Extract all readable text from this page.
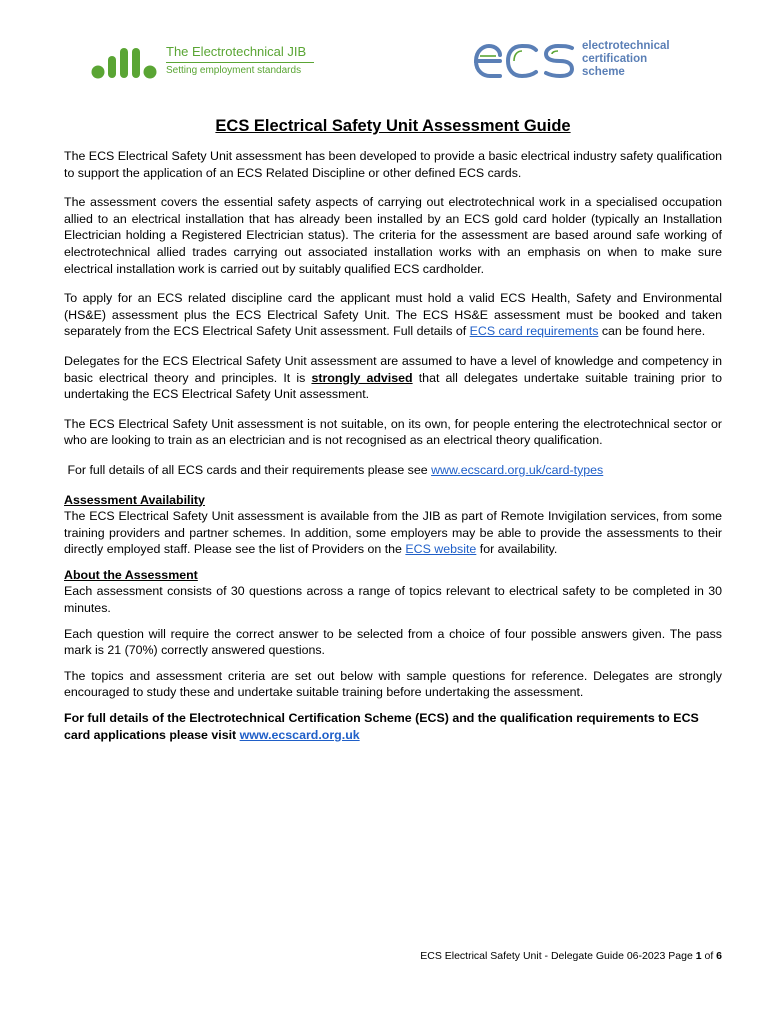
The Electrotechnical JIB
Setting employment standards
electrotechnical
certification
scheme
ECS Electrical Safety Unit Assessment Guide

The ECS Electrical Safety Unit assessment has been developed to provide a basic electrical industry safety qualification to support the application of an ECS Related Discipline or other defined ECS cards.

The assessment covers the essential safety aspects of carrying out electrotechnical work in a specialised occupation allied to an electrical installation that has already been installed by an ECS gold card holder (typically an Installation Electrician holding a Registered Electrician status). The criteria for the assessment are based around safe working of electrotechnical allied trades carrying out associated installation works with an emphasis on when to make sure electrical installation work is carried out by suitably qualified ECS cardholder.

To apply for an ECS related discipline card the applicant must hold a valid ECS Health, Safety and Environmental (HS&E) assessment plus the ECS Electrical Safety Unit. The ECS HS&E assessment must be booked and taken separately from the ECS Electrical Safety Unit assessment. Full details of ECS card requirements can be found here.

Delegates for the ECS Electrical Safety Unit assessment are assumed to have a level of knowledge and competency in basic electrical theory and principles. It is strongly advised that all delegates undertake suitable training prior to undertaking the ECS Electrical Safety Unit assessment.

The ECS Electrical Safety Unit assessment is not suitable, on its own, for people entering the electrotechnical sector or who are looking to train as an electrician and is not recognised as an electrical theory qualification.

For full details of all ECS cards and their requirements please see www.ecscard.org.uk/card-types

Assessment Availability
The ECS Electrical Safety Unit assessment is available from the JIB as part of Remote Invigilation services, from some training providers and partner schemes. In addition, some employers may be able to provide the assessments to their directly employed staff. Please see the list of Providers on the ECS website for availability.

About the Assessment
Each assessment consists of 30 questions across a range of topics relevant to electrical safety to be completed in 30 minutes.

Each question will require the correct answer to be selected from a choice of four possible answers given. The pass mark is 21 (70%) correctly answered questions.

The topics and assessment criteria are set out below with sample questions for reference. Delegates are strongly encouraged to study these and undertake suitable training before undertaking the assessment.

For full details of the Electrotechnical Certification Scheme (ECS) and the qualification requirements to ECS card applications please visit www.ecscard.org.uk

ECS Electrical Safety Unit - Delegate Guide 06-2023 Page 1 of 6
